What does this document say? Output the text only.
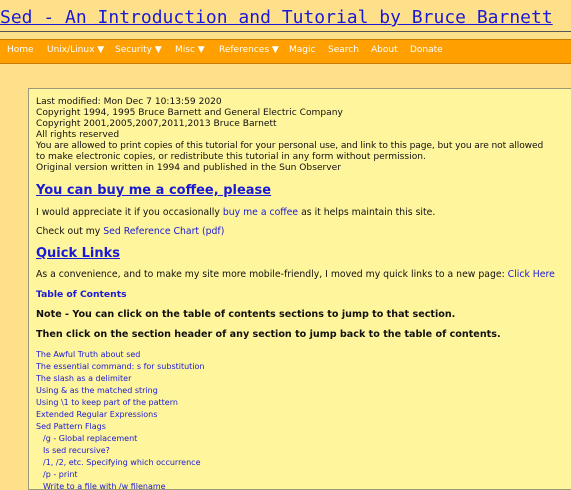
Sed - An Introduction and Tutorial by Bruce Barnett
Home Unix/Linux ▼ Security ▼ Misc ▼ References ▼ Magic Search About Donate
Last modified: Mon Dec 7 10:13:59 2020
Copyright 1994, 1995 Bruce Barnett and General Electric Company
Copyright 2001,2005,2007,2011,2013 Bruce Barnett
All rights reserved
You are allowed to print copies of this tutorial for your personal use, and link to this page, but you are not allowed
to make electronic copies, or redistribute this tutorial in any form without permission.
Original version written in 1994 and published in the Sun Observer
You can buy me a coffee, please
I would appreciate it if you occasionally buy me a coffee as it helps maintain this site.
Check out my Sed Reference Chart (pdf)
Quick Links
As a convenience, and to make my site more mobile-friendly, I moved my quick links to a new page: Click Here
Table of Contents
Note - You can click on the table of contents sections to jump to that section.
Then click on the section header of any section to jump back to the table of contents.
The Awful Truth about sed
The essential command: s for substitution
The slash as a delimiter
Using & as the matched string
Using \1 to keep part of the pattern
Extended Regular Expressions
Sed Pattern Flags
/g - Global replacement
Is sed recursive?
/1, /2, etc. Specifying which occurrence
/p - print
Write to a file with /w filename
